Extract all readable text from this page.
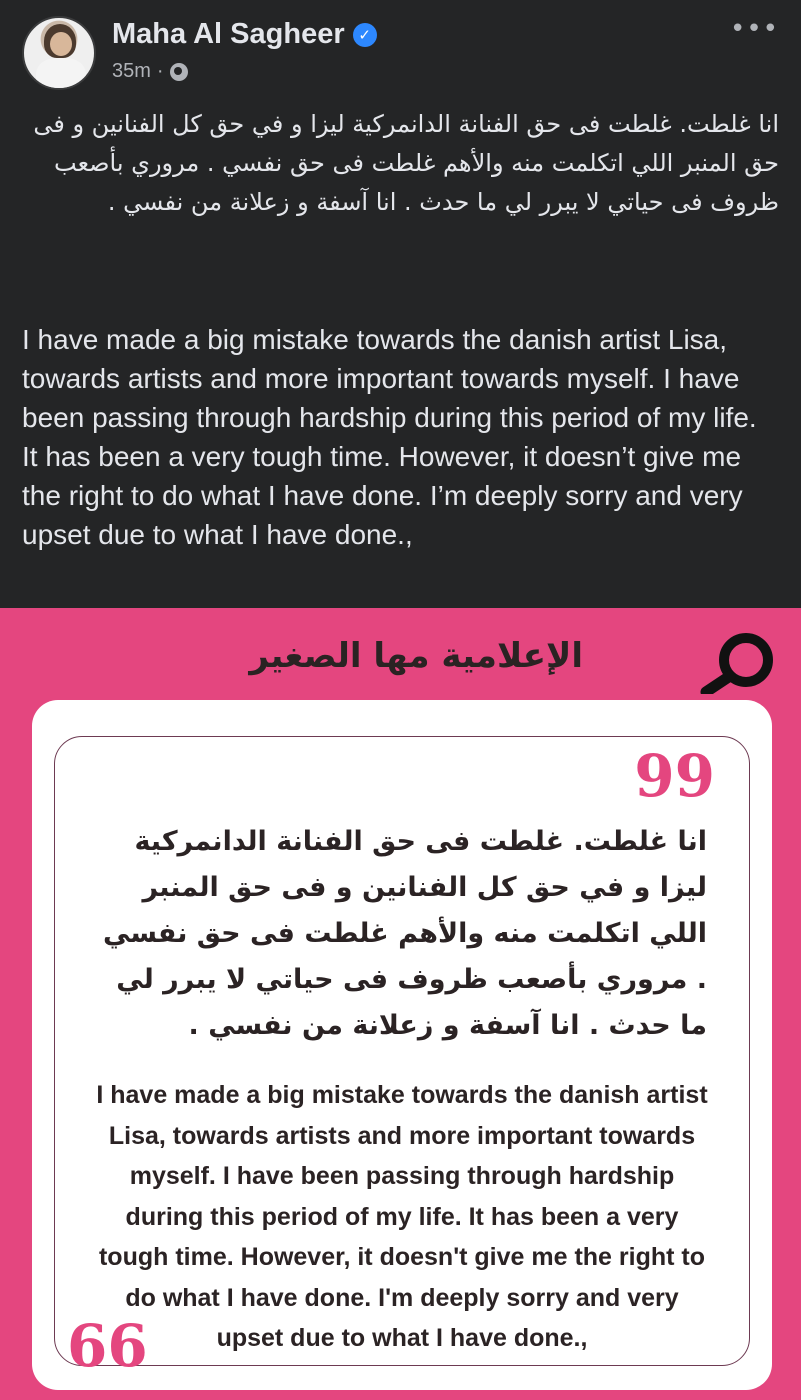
Maha Al Sagheer ✓
35m ·
•••
انا غلطت. غلطت فى حق الفنانة الدانمركية ليزا و في حق كل الفنانين و فى حق المنبر اللي اتكلمت منه والأهم غلطت فى حق نفسي . مروري بأصعب ظروف فى حياتي لا يبرر لي ما حدث . انا آسفة و زعلانة من نفسي .
I have made a big mistake towards the danish artist Lisa, towards artists and more important towards myself. I have been passing through hardship during this period of my life. It has been a very tough time. However, it doesn’t give me the right to do what I have done. I’m deeply sorry and very upset due to what I have done.,
الإعلامية مها الصغير
99
انا غلطت. غلطت فى حق الفنانة الدانمركية ليزا و في حق كل الفنانين و فى حق المنبر اللي اتكلمت منه والأهم غلطت فى حق نفسي . مروري بأصعب ظروف فى حياتي لا يبرر لي ما حدث . انا آسفة و زعلانة من نفسي .
I have made a big mistake towards the danish artist Lisa, towards artists and more important towards myself. I have been passing through hardship during this period of my life. It has been a very tough time. However, it doesn't give me the right to do what I have done. I'm deeply sorry and very upset due to what I have done.,
66
